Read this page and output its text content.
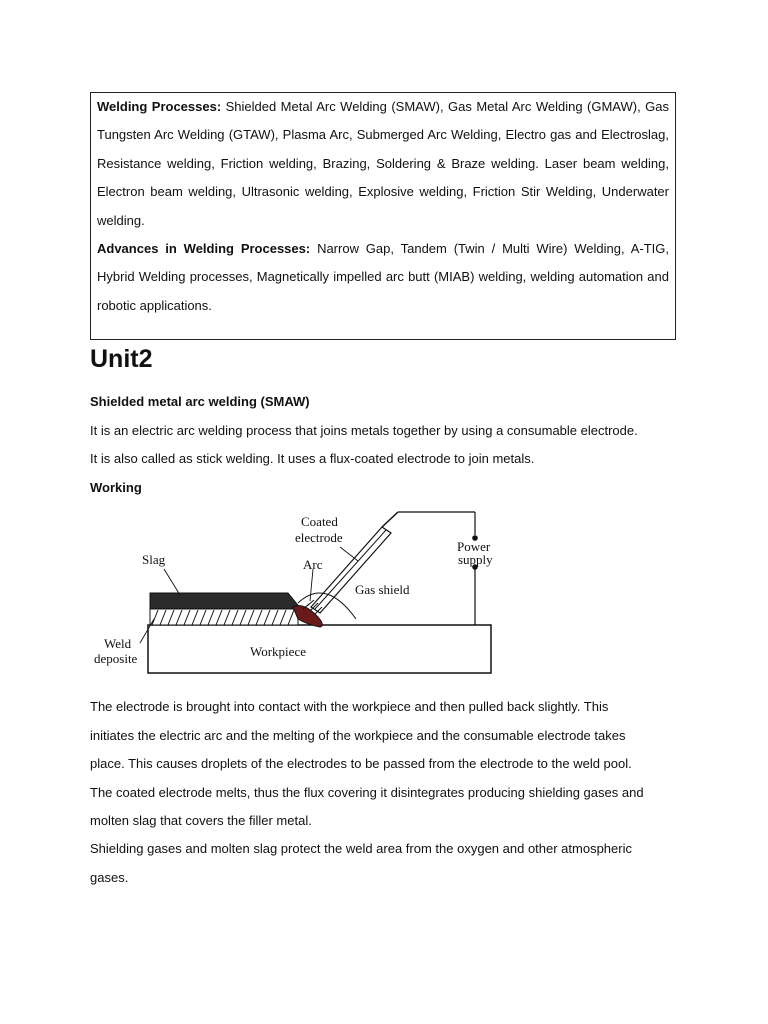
Welding Processes: Shielded Metal Arc Welding (SMAW), Gas Metal Arc Welding (GMAW), Gas Tungsten Arc Welding (GTAW), Plasma Arc, Submerged Arc Welding, Electro gas and Electroslag, Resistance welding, Friction welding, Brazing, Soldering & Braze welding. Laser beam welding, Electron beam welding, Ultrasonic welding, Explosive welding, Friction Stir Welding, Underwater welding.

Advances in Welding Processes: Narrow Gap, Tandem (Twin / Multi Wire) Welding, A-TIG, Hybrid Welding processes, Magnetically impelled arc butt (MIAB) welding, welding automation and robotic applications.

Unit2

Shielded metal arc welding (SMAW)

It is an electric arc welding process that joins metals together by using a consumable electrode.

It is also called as stick welding. It uses a flux-coated electrode to join metals.

Working

Coated
electrode
Power
supply
Slag	Arc
Gas shield
Weld
deposite	Workpiece

The electrode is brought into contact with the workpiece and then pulled back slightly. This

initiates the electric arc and the melting of the workpiece and the consumable electrode takes

place. This causes droplets of the electrodes to be passed from the electrode to the weld pool.

The coated electrode melts, thus the flux covering it disintegrates producing shielding gases and

molten slag that covers the filler metal.

Shielding gases and molten slag protect the weld area from the oxygen and other atmospheric

gases.
